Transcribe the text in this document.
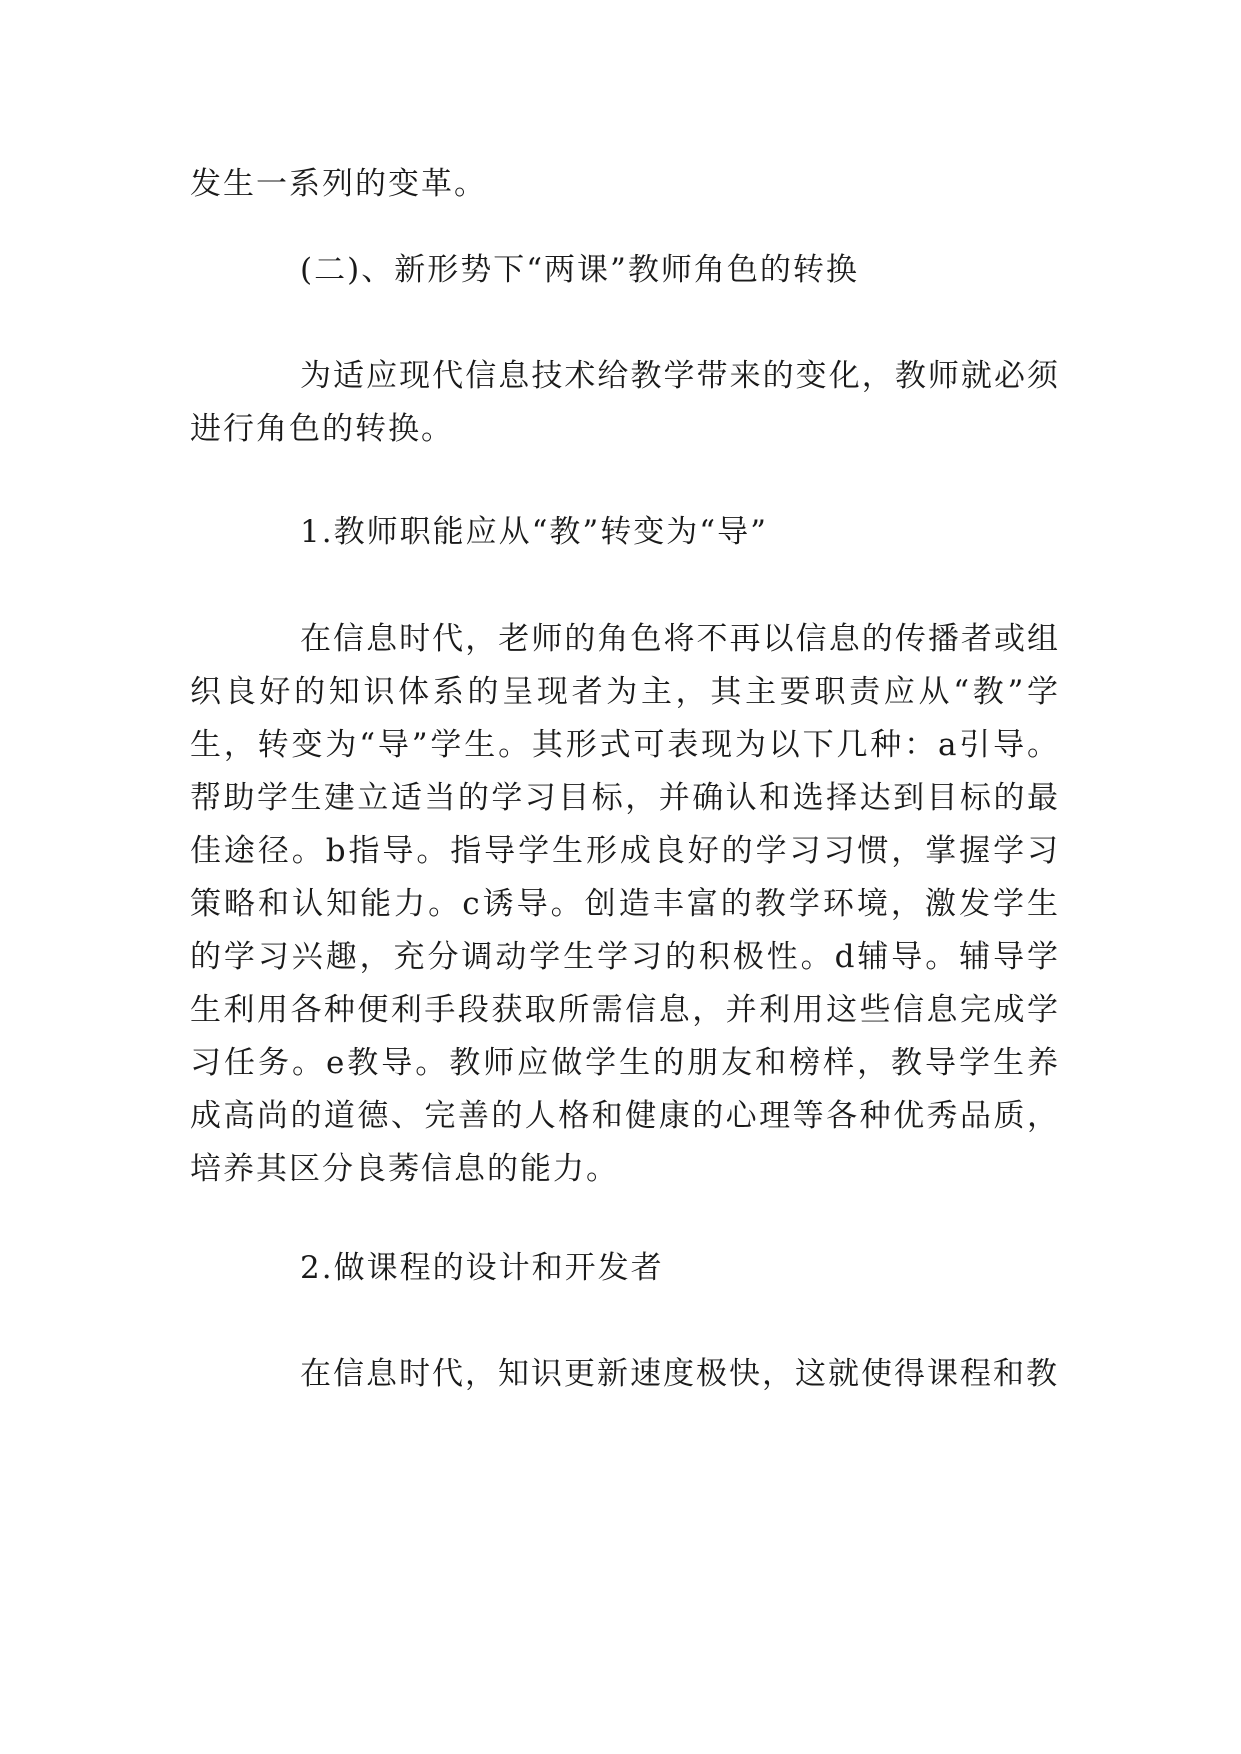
发生一系列的变革。

(二)、新形势下“两课”教师角色的转换

为适应现代信息技术给教学带来的变化，教师就必须进行角色的转换。

1.教师职能应从“教”转变为“导”

在信息时代，老师的角色将不再以信息的传播者或组织良好的知识体系的呈现者为主，其主要职责应从“教”学生，转变为“导”学生。其形式可表现为以下几种：a引导。帮助学生建立适当的学习目标，并确认和选择达到目标的最佳途径。b指导。指导学生形成良好的学习习惯，掌握学习策略和认知能力。c诱导。创造丰富的教学环境，激发学生的学习兴趣，充分调动学生学习的积极性。d辅导。辅导学生利用各种便利手段获取所需信息，并利用这些信息完成学习任务。e教导。教师应做学生的朋友和榜样，教导学生养成高尚的道德、完善的人格和健康的心理等各种优秀品质，培养其区分良莠信息的能力。

2.做课程的设计和开发者

在信息时代，知识更新速度极快，这就使得课程和教
